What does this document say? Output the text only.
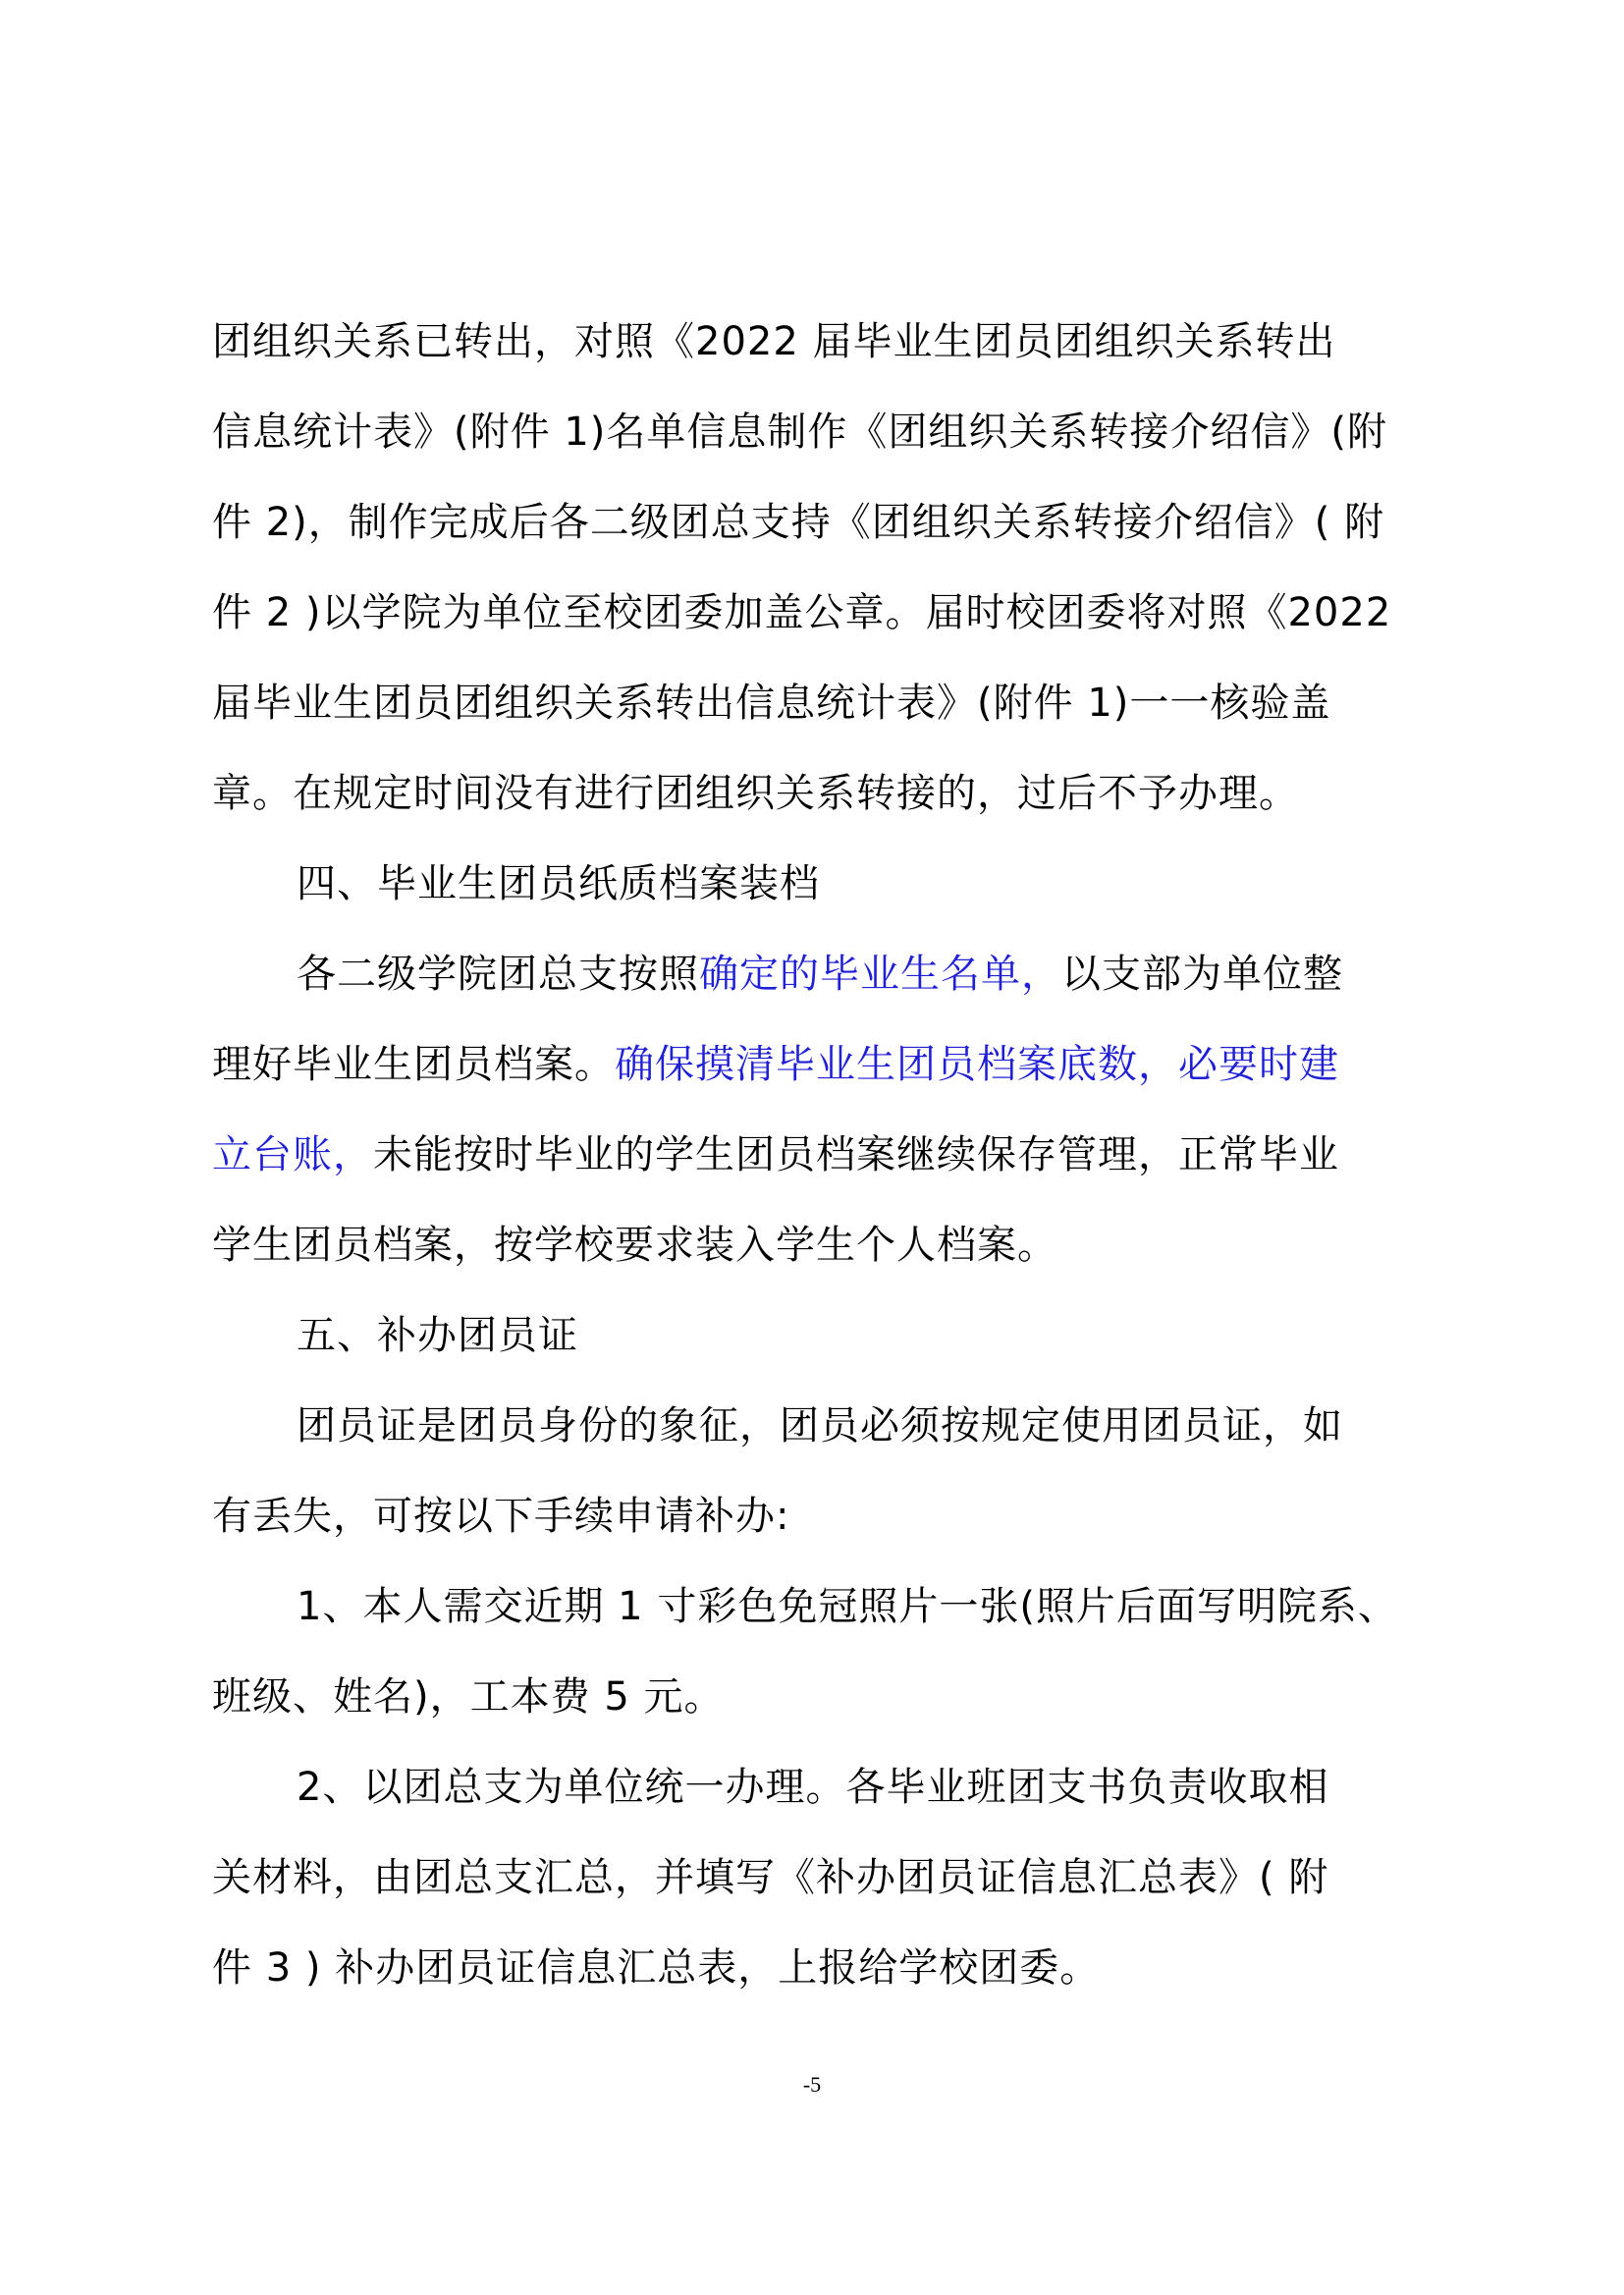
团组织关系已转出，对照《2022 届毕业生团员团组织关系转出
信息统计表》(附件 1)名单信息制作《团组织关系转接介绍信》(附
件 2)，制作完成后各二级团总支持《团组织关系转接介绍信》( 附
件 2 )以学院为单位至校团委加盖公章。届时校团委将对照《2022
届毕业生团员团组织关系转出信息统计表》(附件 1)一一核验盖
章。在规定时间没有进行团组织关系转接的，过后不予办理。
四、毕业生团员纸质档案装档
各二级学院团总支按照确定的毕业生名单，以支部为单位整
理好毕业生团员档案。确保摸清毕业生团员档案底数，必要时建
立台账，未能按时毕业的学生团员档案继续保存管理，正常毕业
学生团员档案，按学校要求装入学生个人档案。
五、补办团员证
团员证是团员身份的象征，团员必须按规定使用团员证，如
有丢失，可按以下手续申请补办:
1、本人需交近期 1 寸彩色免冠照片一张(照片后面写明院系、
班级、姓名)，工本费 5 元。
2、以团总支为单位统一办理。各毕业班团支书负责收取相
关材料，由团总支汇总，并填写《补办团员证信息汇总表》( 附
件 3 ) 补办团员证信息汇总表，上报给学校团委。
-5
